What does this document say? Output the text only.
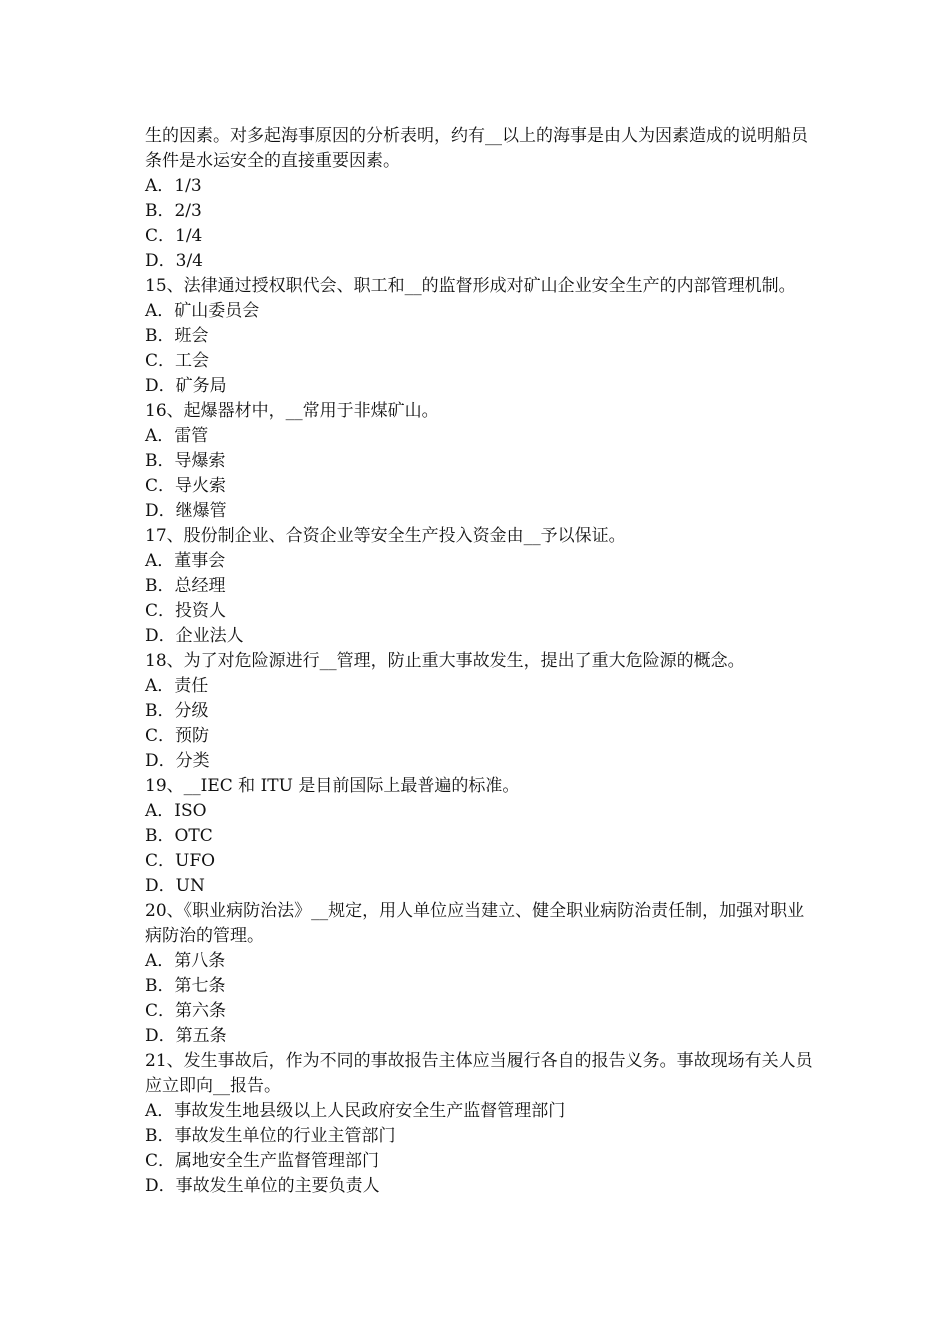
生的因素。对多起海事原因的分析表明，约有__以上的海事是由人为因素造成的说明船员条件是水运安全的直接重要因素。
A．1/3
B．2/3
C．1/4
D．3/4
15、法律通过授权职代会、职工和__的监督形成对矿山企业安全生产的内部管理机制。
A．矿山委员会
B．班会
C．工会
D．矿务局
16、起爆器材中，__常用于非煤矿山。
A．雷管
B．导爆索
C．导火索
D．继爆管
17、股份制企业、合资企业等安全生产投入资金由__予以保证。
A．董事会
B．总经理
C．投资人
D．企业法人
18、为了对危险源进行__管理，防止重大事故发生，提出了重大危险源的概念。
A．责任
B．分级
C．预防
D．分类
19、__IEC 和 ITU 是目前国际上最普遍的标准。
A．ISO
B．OTC
C．UFO
D．UN
20、《职业病防治法》__规定，用人单位应当建立、健全职业病防治责任制，加强对职业病防治的管理。
A．第八条
B．第七条
C．第六条
D．第五条
21、发生事故后，作为不同的事故报告主体应当履行各自的报告义务。事故现场有关人员应立即向__报告。
A．事故发生地县级以上人民政府安全生产监督管理部门
B．事故发生单位的行业主管部门
C．属地安全生产监督管理部门
D．事故发生单位的主要负责人
